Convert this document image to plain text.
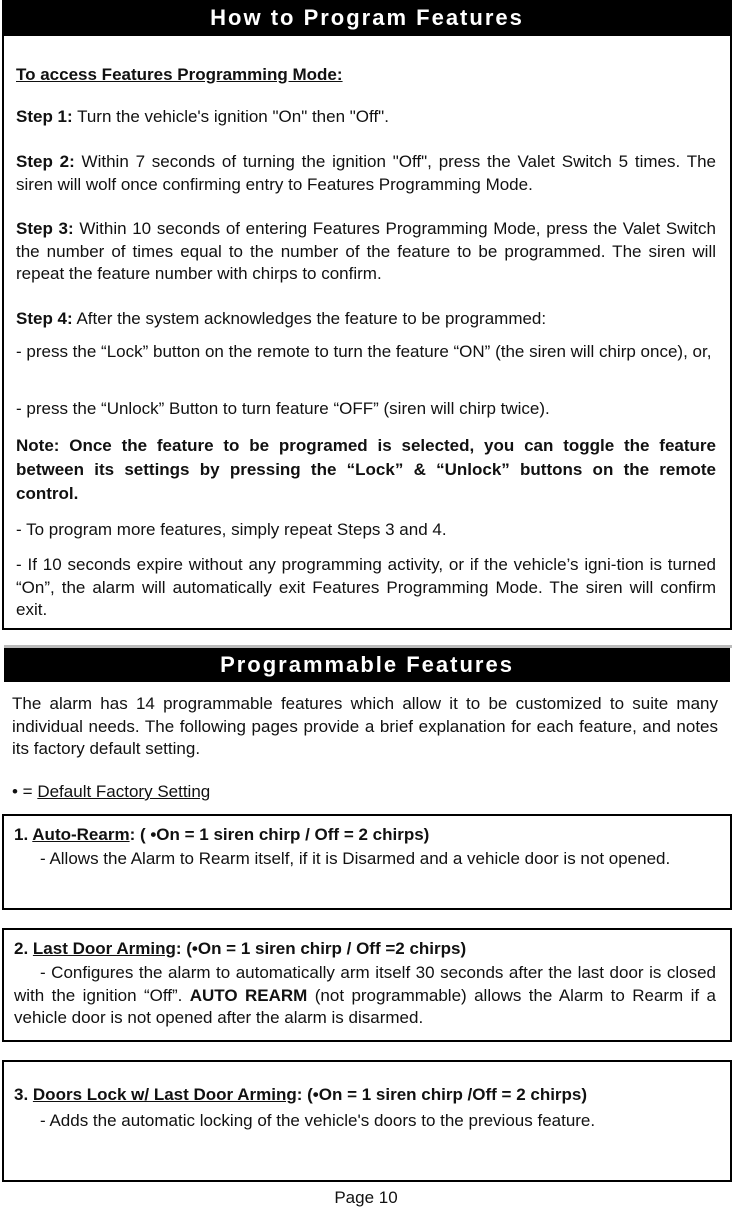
How to Program Features

To access Features Programming Mode:

Step 1: Turn the vehicle's ignition "On" then "Off".

Step 2: Within 7 seconds of turning the ignition "Off", press the Valet Switch 5 times. The siren will wolf once confirming entry to Features Programming Mode.

Step 3: Within 10 seconds of entering Features Programming Mode, press the Valet Switch the number of times equal to the number of the feature to be programmed. The siren will repeat the feature number with chirps to confirm.

Step 4: After the system acknowledges the feature to be programmed:

- press the “Lock” button on the remote to turn the feature “ON” (the siren will chirp once), or,

- press the “Unlock” Button to turn feature “OFF” (siren will chirp twice).

Note: Once the feature to be programed is selected, you can toggle the feature between its settings by pressing the “Lock” & “Unlock” buttons on the remote control.

- To program more features, simply repeat Steps 3 and 4.

- If 10 seconds expire without any programming activity, or if the vehicle’s igni-tion is turned “On”, the alarm will automatically exit Features Programming Mode. The siren will confirm exit.

Programmable Features

The alarm has 14 programmable features which allow it to be customized to suite many individual needs. The following pages provide a brief explanation for each feature, and notes its factory default setting.

• = Default Factory Setting

1. Auto-Rearm: ( •On = 1 siren chirp / Off = 2 chirps)

- Allows the Alarm to Rearm itself, if it is Disarmed and a vehicle door is not opened.

2. Last Door Arming: (•On = 1 siren chirp / Off =2 chirps)

- Configures the alarm to automatically arm itself 30 seconds after the last door is closed with the ignition “Off”. AUTO REARM (not programmable) allows the Alarm to Rearm if a vehicle door is not opened after the alarm is disarmed.

3. Doors Lock w/ Last Door Arming: (•On = 1 siren chirp /Off = 2 chirps)

- Adds the automatic locking of the vehicle's doors to the previous feature.

Page 10
